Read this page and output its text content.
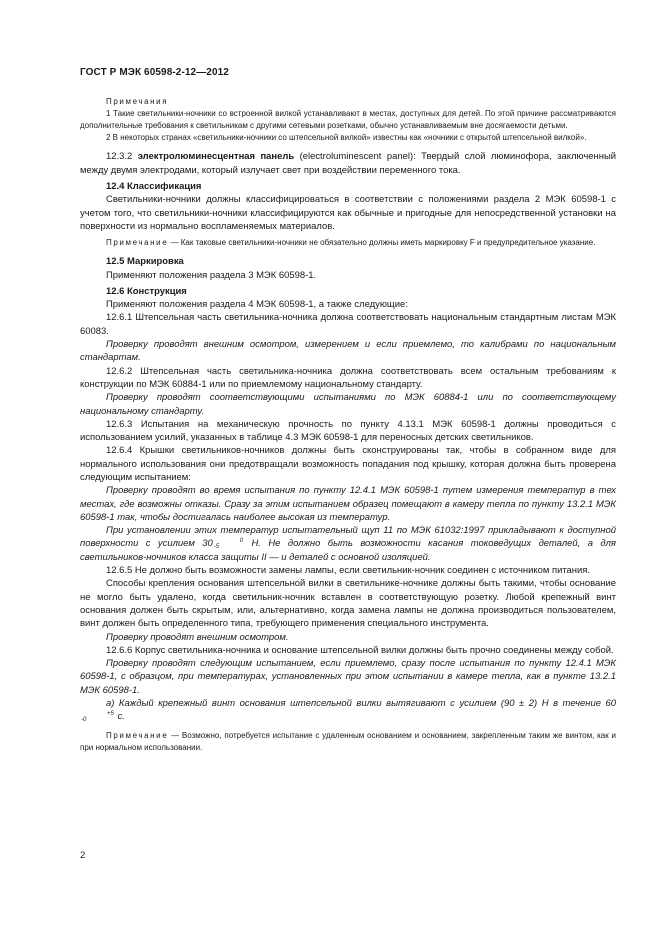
ГОСТ Р МЭК 60598-2-12—2012

Примечания

1 Такие светильники-ночники со встроенной вилкой устанавливают в местах, доступных для детей. По этой причине рассматриваются дополнительные требования к светильникам с другими сетевыми розетками, обычно устанавливаемым вне досягаемости детьми.

2 В некоторых странах «светильники-ночники со штепсельной вилкой» известны как «ночники с открытой штепсельной вилкой».

12.3.2 электролюминесцентная панель (electroluminescent panel): Твердый слой люминофора, заключенный между двумя электродами, который излучает свет при воздействии переменного тока.

12.4 Классификация

Светильники-ночники должны классифицироваться в соответствии с положениями раздела 2 МЭК 60598-1 с учетом того, что светильники-ночники классифицируются как обычные и пригодные для непосредственной установки на поверхности из нормально воспламеняемых материалов.

Примечание — Как таковые светильники-ночники не обязательно должны иметь маркировку F и предупредительное указание.

12.5 Маркировка

Применяют положения раздела 3 МЭК 60598-1.

12.6 Конструкция

Применяют положения раздела 4 МЭК 60598-1, а также следующие:

12.6.1 Штепсельная часть светильника-ночника должна соответствовать национальным стандартным листам МЭК 60083.

Проверку проводят внешним осмотром, измерением и если приемлемо, то калибрами по национальным стандартам.

12.6.2 Штепсельная часть светильника-ночника должна соответствовать всем остальным требованиям к конструкции по МЭК 60884-1 или по приемлемому национальному стандарту.

Проверку проводят соответствующими испытаниями по МЭК 60884-1 или по соответствующему национальному стандарту.

12.6.3 Испытания на механическую прочность по пункту 4.13.1 МЭК 60598-1 должны проводиться с использованием усилий, указанных в таблице 4.3 МЭК 60598-1 для переносных детских светильников.

12.6.4 Крышки светильников-ночников должны быть сконструированы так, чтобы в собранном виде для нормального использования они предотвращали возможность попадания под крышку, которая должна быть проверена следующим испытанием:

Проверку проводят во время испытания по пункту 12.4.1 МЭК 60598-1 путем измерения температур в тех местах, где возможны отказы. Сразу за этим испытанием образец помещают в камеру тепла по пункту 13.2.1 МЭК 60598-1 так, чтобы достигалась наиболее высокая из температур.

При установлении этих температур испытательный щуп 11 по МЭК 61032:1997 прикладывают к доступной поверхности с усилием 30	0
-5	Н. Не должно быть возможности касания токоведущих деталей, а для светильников-ночников класса защиты II — и деталей с основной изоляцией.

12.6.5 Не должно быть возможности замены лампы, если светильник-ночник соединен с источником питания.

Способы крепления основания штепсельной вилки в светильнике-ночнике должны быть такими, чтобы основание не могло быть удалено, когда светильник-ночник вставлен в соответствующую розетку. Любой крепежный винт основания должен быть скрытым, или, альтернативно, когда замена лампы не должна производиться пользователем, винт должен быть определенного типа, требующего применения специального инструмента.

Проверку проводят внешним осмотром.

12.6.6 Корпус светильника-ночника и основание штепсельной вилки должны быть прочно соединены между собой.

Проверку проводят следующим испытанием, если приемлемо, сразу после испытания по пункту 12.4.1 МЭК 60598-1, с образцом, при температурах, установленных при этом испытании в камере тепла, как в пункте 13.2.1 МЭК 60598-1.

а) Каждый крепежный винт основания штепсельной вилки вытягивают с усилием (90 ± 2) Н в течение 60+5
-0	с.

Примечание — Возможно, потребуется испытание с удаленным основанием и основанием, закрепленным таким же винтом, как и при нормальном использовании.

2
